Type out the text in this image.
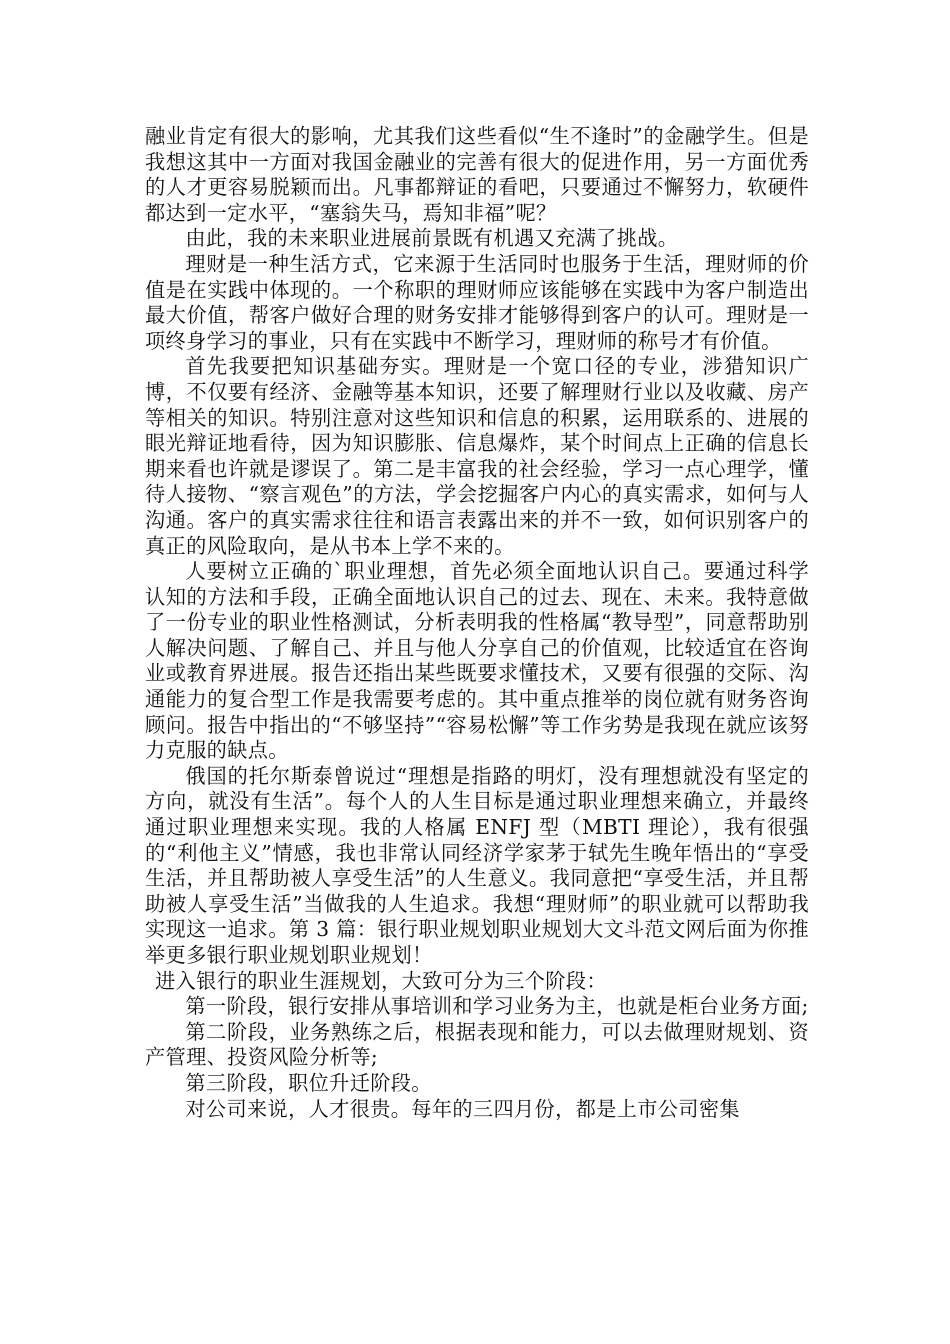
融业肯定有很大的影响，尤其我们这些看似“生不逢时”的金融学生。但是我想这其中一方面对我国金融业的完善有很大的促进作用，另一方面优秀的人才更容易脱颖而出。凡事都辩证的看吧，只要通过不懈努力，软硬件都达到一定水平，“塞翁失马，焉知非福”呢？

由此，我的未来职业进展前景既有机遇又充满了挑战。

理财是一种生活方式，它来源于生活同时也服务于生活，理财师的价值是在实践中体现的。一个称职的理财师应该能够在实践中为客户制造出最大价值，帮客户做好合理的财务安排才能够得到客户的认可。理财是一项终身学习的事业，只有在实践中不断学习，理财师的称号才有价值。

首先我要把知识基础夯实。理财是一个宽口径的专业，涉猎知识广博，不仅要有经济、金融等基本知识，还要了解理财行业以及收藏、房产等相关的知识。特别注意对这些知识和信息的积累，运用联系的、进展的眼光辩证地看待，因为知识膨胀、信息爆炸，某个时间点上正确的信息长期来看也许就是谬误了。第二是丰富我的社会经验，学习一点心理学，懂待人接物、“察言观色”的方法，学会挖掘客户内心的真实需求，如何与人沟通。客户的真实需求往往和语言表露出来的并不一致，如何识别客户的真正的风险取向，是从书本上学不来的。

人要树立正确的`职业理想，首先必须全面地认识自己。要通过科学认知的方法和手段，正确全面地认识自己的过去、现在、未来。我特意做了一份专业的职业性格测试，分析表明我的性格属“教导型”，同意帮助别人解决问题、了解自己、并且与他人分享自己的价值观，比较适宜在咨询业或教育界进展。报告还指出某些既要求懂技术，又要有很强的交际、沟通能力的复合型工作是我需要考虑的。其中重点推举的岗位就有财务咨询顾问。报告中指出的“不够坚持”“容易松懈”等工作劣势是我现在就应该努力克服的缺点。

俄国的托尔斯泰曾说过“理想是指路的明灯，没有理想就没有坚定的方向，就没有生活”。每个人的人生目标是通过职业理想来确立，并最终通过职业理想来实现。我的人格属 ENFJ 型（MBTI 理论），我有很强的“利他主义”情感，我也非常认同经济学家茅于轼先生晚年悟出的“享受生活，并且帮助被人享受生活”的人生意义。我同意把“享受生活，并且帮助被人享受生活”当做我的人生追求。我想“理财师”的职业就可以帮助我实现这一追求。第 3 篇：银行职业规划职业规划大文斗范文网后面为你推举更多银行职业规划职业规划！

进入银行的职业生涯规划，大致可分为三个阶段：

第一阶段，银行安排从事培训和学习业务为主，也就是柜台业务方面;

第二阶段，业务熟练之后，根据表现和能力，可以去做理财规划、资产管理、投资风险分析等;

第三阶段，职位升迁阶段。

对公司来说，人才很贵。每年的三四月份，都是上市公司密集
